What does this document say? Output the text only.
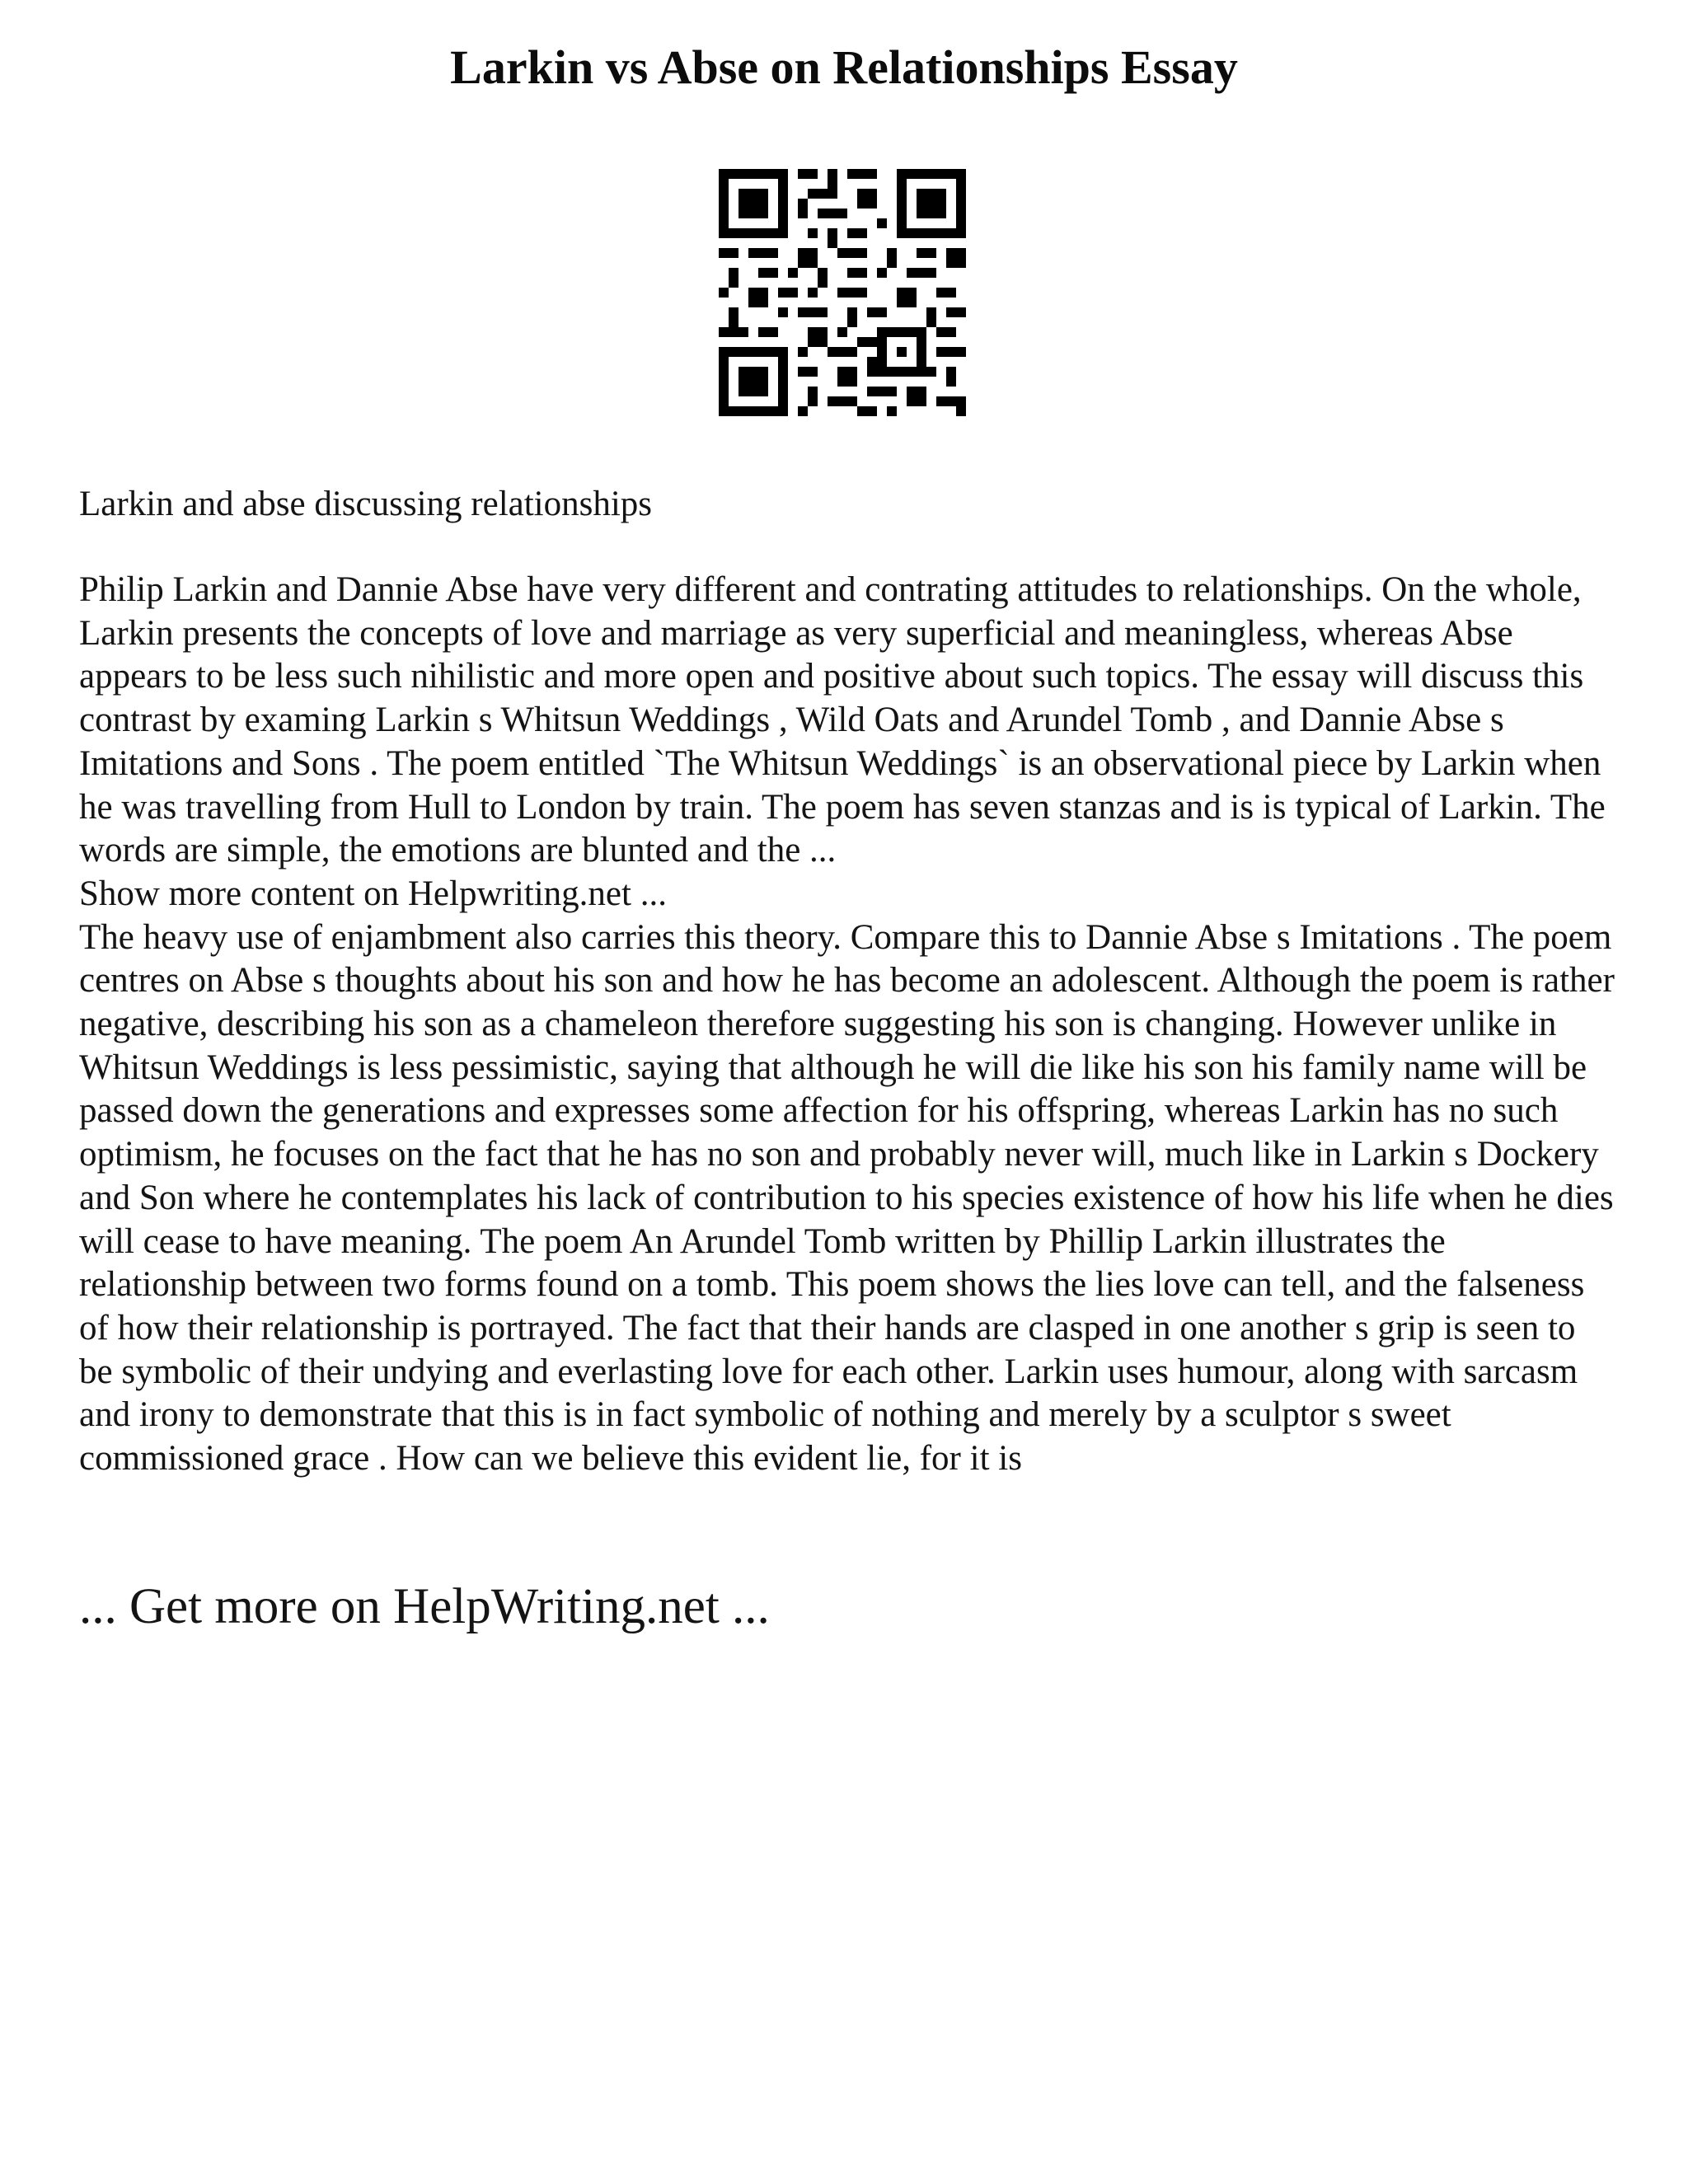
Larkin vs Abse on Relationships Essay

Larkin and abse discussing relationships

Philip Larkin and Dannie Abse have very different and contrating attitudes to relationships. On the whole, Larkin presents the concepts of love and marriage as very superficial and meaningless, whereas Abse appears to be less such nihilistic and more open and positive about such topics. The essay will discuss this contrast by examing Larkin s Whitsun Weddings , Wild Oats and Arundel Tomb , and Dannie Abse s Imitations and Sons . The poem entitled `The Whitsun Weddings` is an observational piece by Larkin when he was travelling from Hull to London by train. The poem has seven stanzas and is is typical of Larkin. The words are simple, the emotions are blunted and the ...

Show more content on Helpwriting.net ...

The heavy use of enjambment also carries this theory. Compare this to Dannie Abse s Imitations . The poem centres on Abse s thoughts about his son and how he has become an adolescent. Although the poem is rather negative, describing his son as a chameleon therefore suggesting his son is changing. However unlike in Whitsun Weddings is less pessimistic, saying that although he will die like his son his family name will be passed down the generations and expresses some affection for his offspring, whereas Larkin has no such optimism, he focuses on the fact that he has no son and probably never will, much like in Larkin s Dockery and Son where he contemplates his lack of contribution to his species existence of how his life when he dies will cease to have meaning. The poem An Arundel Tomb written by Phillip Larkin illustrates the relationship between two forms found on a tomb. This poem shows the lies love can tell, and the falseness of how their relationship is portrayed. The fact that their hands are clasped in one another s grip is seen to be symbolic of their undying and everlasting love for each other. Larkin uses humour, along with sarcasm and irony to demonstrate that this is in fact symbolic of nothing and merely by a sculptor s sweet commissioned grace . How can we believe this evident lie, for it is

... Get more on HelpWriting.net ...
